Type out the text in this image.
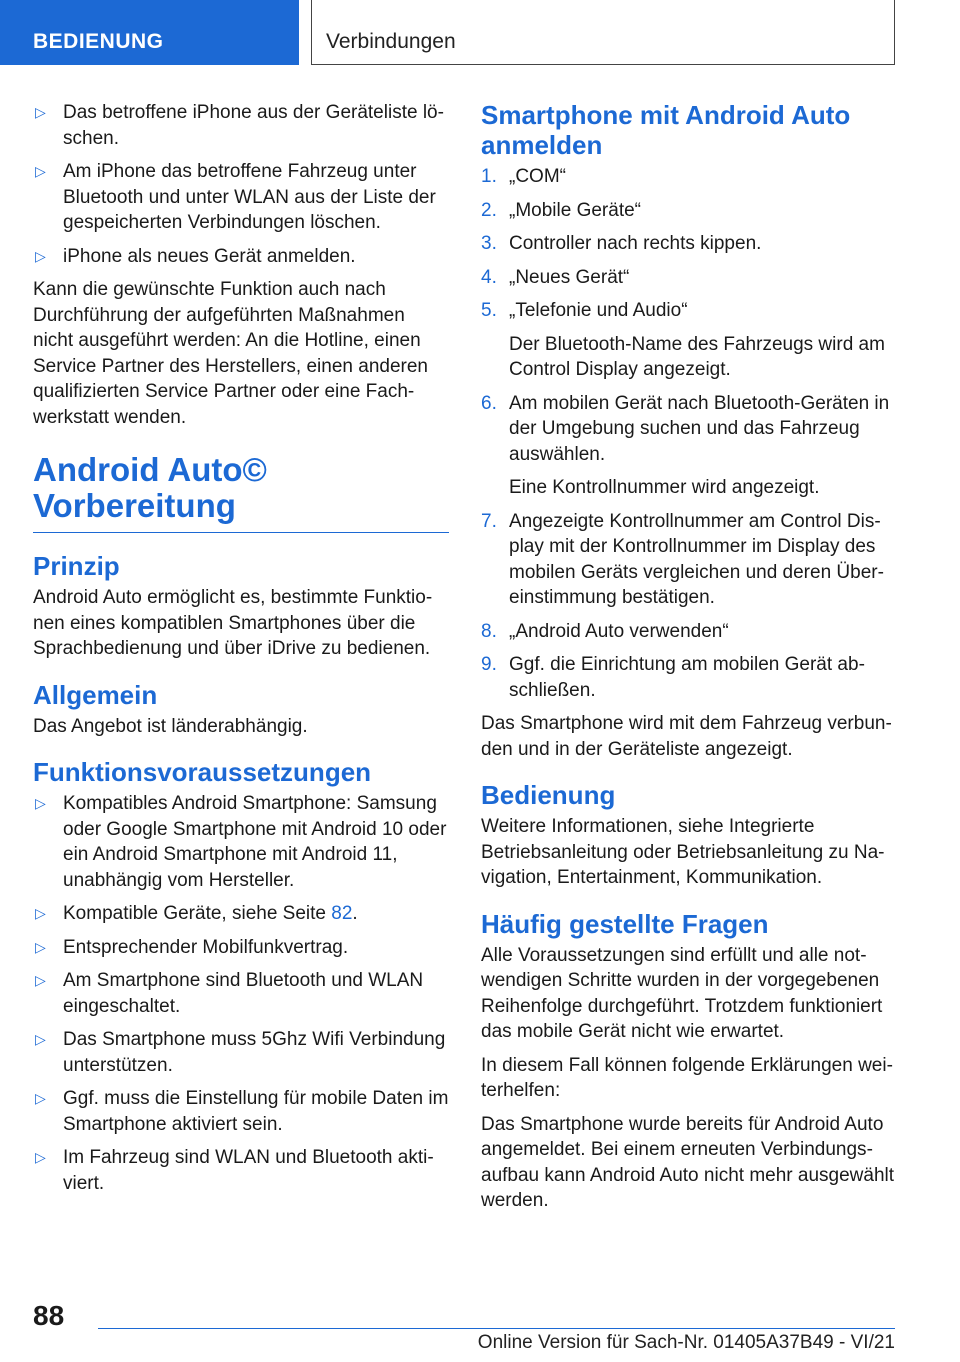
BEDIENUNG	Verbindungen
▷ Das betroffene iPhone aus der Geräteliste löschen.
▷ Am iPhone das betroffene Fahrzeug unter Bluetooth und unter WLAN aus der Liste der gespeicherten Verbindungen löschen.
▷ iPhone als neues Gerät anmelden.

Kann die gewünschte Funktion auch nach Durchführung der aufgeführten Maßnahmen nicht ausgeführt werden: An die Hotline, einen Service Partner des Herstellers, einen anderen qualifizierten Service Partner oder eine Fachwerkstatt wenden.

Android Auto© Vorbereitung
Prinzip

Android Auto ermöglicht es, bestimmte Funktionen eines kompatiblen Smartphones über die Sprachbedienung und über iDrive zu bedienen.

Allgemein

Das Angebot ist länderabhängig.

Funktionsvoraussetzungen
▷ Kompatibles Android Smartphone: Samsung oder Google Smartphone mit Android 10 oder ein Android Smartphone mit Android 11, unabhängig vom Hersteller.
▷ Kompatible Geräte, siehe Seite 82.
▷ Entsprechender Mobilfunkvertrag.
▷ Am Smartphone sind Bluetooth und WLAN eingeschaltet.
▷ Das Smartphone muss 5Ghz Wifi Verbindung unterstützen.
▷ Ggf. muss die Einstellung für mobile Daten im Smartphone aktiviert sein.
▷ Im Fahrzeug sind WLAN und Bluetooth aktiviert.
Smartphone mit Android Auto anmelden
1. „COM“
2. „Mobile Geräte“
3. Controller nach rechts kippen.
4. „Neues Gerät“
5. „Telefonie und Audio“

Der Bluetooth-Name des Fahrzeugs wird am Control Display angezeigt.

6. Am mobilen Gerät nach Bluetooth-Geräten in der Umgebung suchen und das Fahrzeug auswählen.

Eine Kontrollnummer wird angezeigt.

7. Angezeigte Kontrollnummer am Control Display mit der Kontrollnummer im Display des mobilen Geräts vergleichen und deren Übereinstimmung bestätigen.
8. „Android Auto verwenden“
9. Ggf. die Einrichtung am mobilen Gerät abschließen.

Das Smartphone wird mit dem Fahrzeug verbunden und in der Geräteliste angezeigt.

Bedienung

Weitere Informationen, siehe Integrierte Betriebsanleitung oder Betriebsanleitung zu Navigation, Entertainment, Kommunikation.

Häufig gestellte Fragen

Alle Voraussetzungen sind erfüllt und alle notwendigen Schritte wurden in der vorgegebenen Reihenfolge durchgeführt. Trotzdem funktioniert das mobile Gerät nicht wie erwartet.

In diesem Fall können folgende Erklärungen weiterhelfen:

Das Smartphone wurde bereits für Android Auto angemeldet. Bei einem erneuten Verbindungsaufbau kann Android Auto nicht mehr ausgewählt werden.

88
Online Version für Sach-Nr. 01405A37B49 - VI/21
